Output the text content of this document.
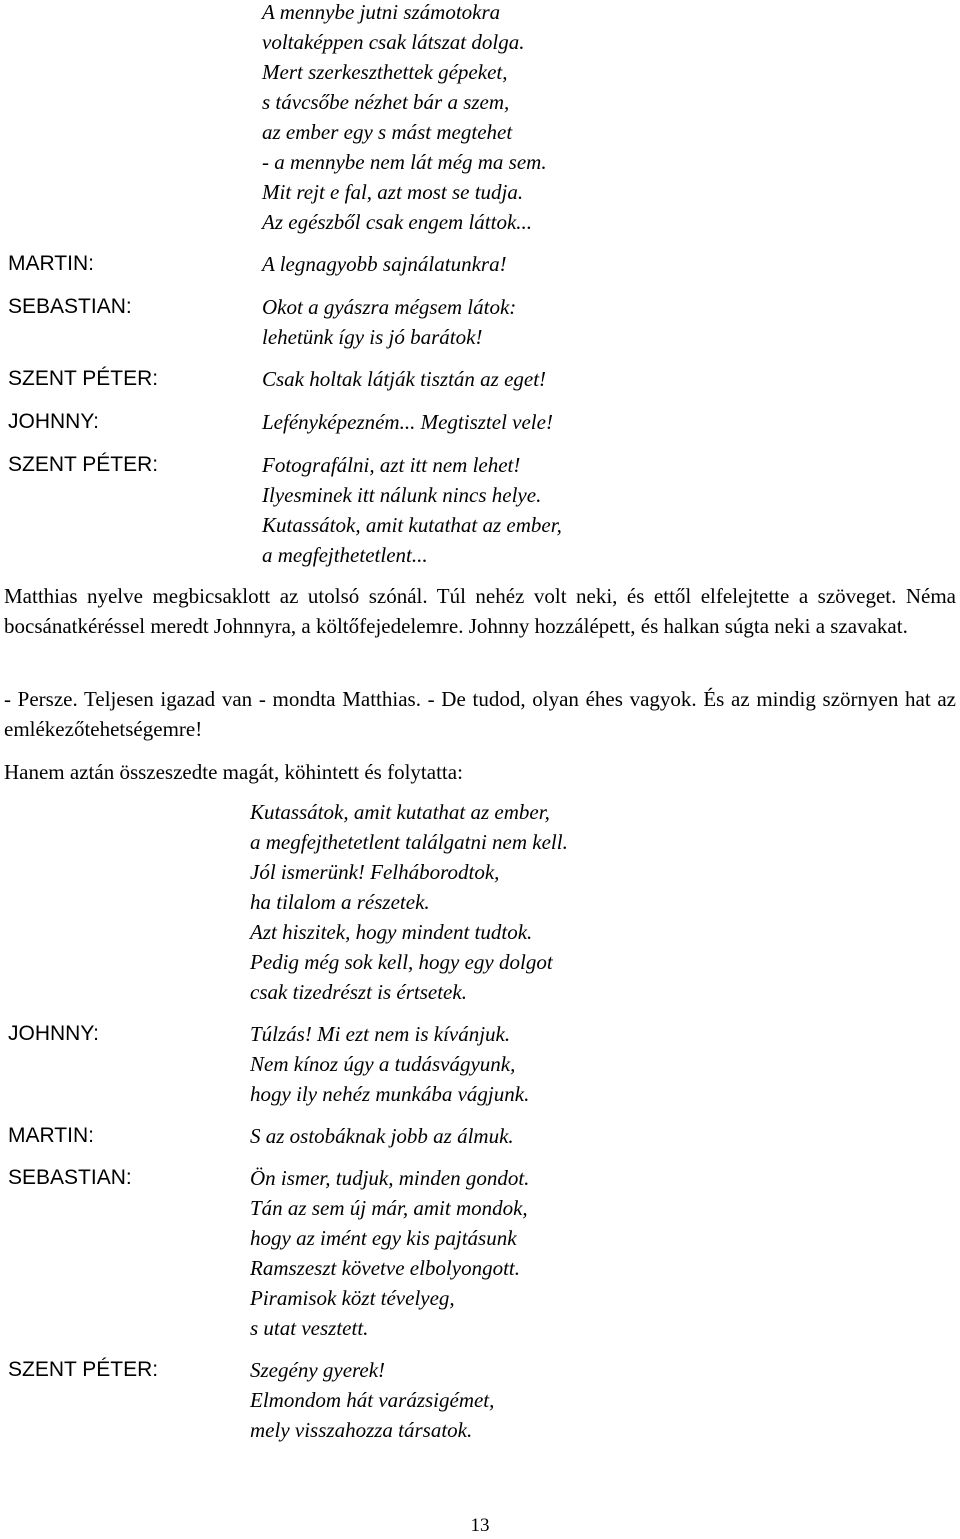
A mennybe jutni számotokra
voltaképpen csak látszat dolga.
Mert szerkeszthettek gépeket,
s távcsőbe nézhet bár a szem,
az ember egy s mást megtehet
- a mennybe nem lát még ma sem.
Mit rejt e fal, azt most se tudja.
Az egészből csak engem láttok...
MARTIN:	A legnagyobb sajnálatunkra!
SEBASTIAN:	Okot a gyászra mégsem látok:
lehetünk így is jó barátok!
SZENT PÉTER:	Csak holtak látják tisztán az eget!
JOHNNY:	Lefényképezném... Megtisztel vele!
SZENT PÉTER:	Fotografálni, azt itt nem lehet!
Ilyesminek itt nálunk nincs helye.
Kutassátok, amit kutathat az ember,
a megfejthetetlent...
Matthias nyelve megbicsaklott az utolsó szónál. Túl nehéz volt neki, és ettől elfelejtette a szöveget. Néma bocsánatkéréssel meredt Johnnyra, a költőfejedelemre. Johnny hozzálépett, és halkan súgta neki a szavakat.
- Persze. Teljesen igazad van - mondta Matthias. - De tudod, olyan éhes vagyok. És az mindig szörnyen hat az emlékezőtehetségemre!
Hanem aztán összeszedte magát, köhintett és folytatta:
Kutassátok, amit kutathat az ember,
a megfejthetetlent találgatni nem kell.
Jól ismerünk! Felháborodtok,
ha tilalom a részetek.
Azt hiszitek, hogy mindent tudtok.
Pedig még sok kell, hogy egy dolgot
csak tizedrészt is értsetek.
JOHNNY:	Túlzás! Mi ezt nem is kívánjuk.
Nem kínoz úgy a tudásvágyunk,
hogy ily nehéz munkába vágjunk.
MARTIN:	S az ostobáknak jobb az álmuk.
SEBASTIAN:	Ön ismer, tudjuk, minden gondot.
Tán az sem új már, amit mondok,
hogy az imént egy kis pajtásunk
Ramszeszt követve elbolyongott.
Piramisok közt tévelyeg,
s utat vesztett.
SZENT PÉTER:	Szegény gyerek!
Elmondom hát varázsigémet,
mely visszahozza társatok.
13
